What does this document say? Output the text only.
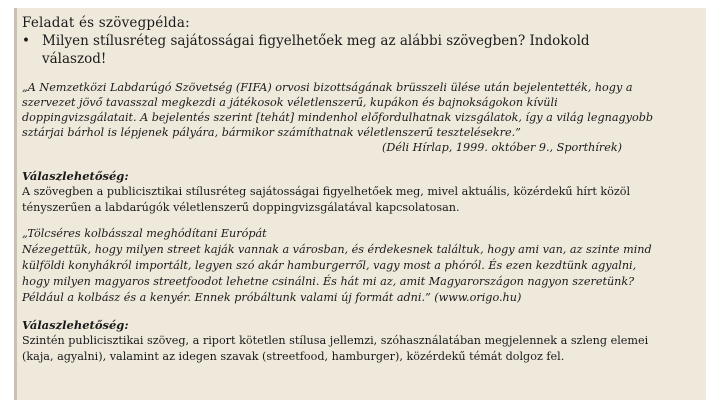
Feladat és szövegpélda:

• Milyen stílusréteg sajátosságai figyelhetőek meg az alábbi szövegben? Indokold
válaszod!
„A Nemzetközi Labdarúgó Szövetség (FIFA) orvosi bizottságának brüsszeli ülése után bejelentették, hogy a
szervezet jövő tavasszal megkezdi a játékosok véletlenszerű, kupákon és bajnokságokon kívüli
doppingvizsgálatait. A bejelentés szerint [tehát] mindenhol előfordulhatnak vizsgálatok, így a világ legnagyobb
sztárjai bárhol is lépjenek pályára, bármikor számíthatnak véletlenszerű tesztelésekre.”
(Déli Hírlap, 1999. október 9., Sporthírek)
Válaszlehetőség:
A szövegben a publicisztikai stílusréteg sajátosságai figyelhetőek meg, mivel aktuális, közérdekű hírt közöl
tényszerűen a labdarúgók véletlenszerű doppingvizsgálatával kapcsolatosan.
„Tölcséres kolbásszal meghódítani Európát
Nézegettük, hogy milyen street kaják vannak a városban, és érdekesnek találtuk, hogy ami van, az szinte mind
külföldi konyhákról importált, legyen szó akár hamburgerről, vagy most a phóról. És ezen kezdtünk agyalni,
hogy milyen magyaros streetfoodot lehetne csinálni. És hát mi az, amit Magyarországon nagyon szeretünk?
Például a kolbász és a kenyér. Ennek próbáltunk valami új formát adni.” (www.origo.hu)
Válaszlehetőség:
Szintén publicisztikai szöveg, a riport kötetlen stílusa jellemzi, szóhasználatában megjelennek a szleng elemei
(kaja, agyalni), valamint az idegen szavak (streetfood, hamburger), közérdekű témát dolgoz fel.
